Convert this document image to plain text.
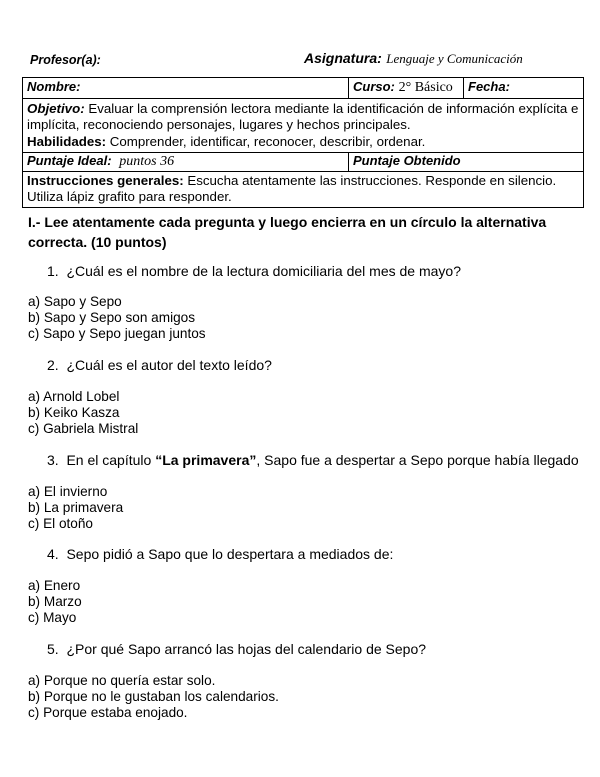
Profesor(a):	Asignatura: Lenguaje y Comunicación
Nombre:	Curso: 2° Básico	Fecha:
Objetivo: Evaluar la comprensión lectora mediante la identificación de información explícita e implícita, reconociendo personajes, lugares y hechos principales.
Habilidades: Comprender, identificar, reconocer, describir, ordenar.		
Puntaje Ideal: puntos 36	Puntaje Obtenido	
Instrucciones generales: Escucha atentamente las instrucciones. Responde en silencio. Utiliza lápiz grafito para responder.		
I.- Lee atentamente cada pregunta y luego encierra en un círculo la alternativa
correcta. (10 puntos)
1. ¿Cuál es el nombre de la lectura domiciliaria del mes de mayo?
a) Sapo y Sepo
b) Sapo y Sepo son amigos
c) Sapo y Sepo juegan juntos
2. ¿Cuál es el autor del texto leído?
a) Arnold Lobel
b) Keiko Kasza
c) Gabriela Mistral
3. En el capítulo “La primavera”, Sapo fue a despertar a Sepo porque había llegado
a) El invierno
b) La primavera
c) El otoño
4. Sepo pidió a Sapo que lo despertara a mediados de:
a) Enero
b) Marzo
c) Mayo
5. ¿Por qué Sapo arrancó las hojas del calendario de Sepo?
a) Porque no quería estar solo.
b) Porque no le gustaban los calendarios.
c) Porque estaba enojado.
